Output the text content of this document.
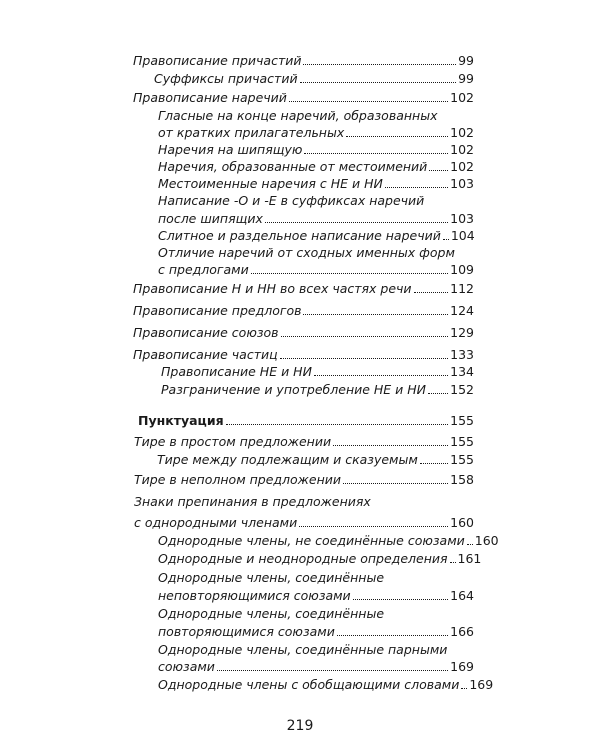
Правописание причастий	99
Суффиксы причастий	99
Правописание наречий	102
Гласные на конце наречий, образованных
от кратких прилагательных	102
Наречия на шипящую	102
Наречия, образованные от местоимений 102
Местоименные наречия с НЕ и НИ	103
Написание -О и -Е в суффиксах наречий
после шипящих	103
Слитное и раздельное написание наречий 104
Отличие наречий от сходных именных форм
с предлогами	109
Правописание Н и НН во всех частях речи	112
Правописание предлогов	124
Правописание союзов	129
Правописание частиц	133
Правописание НЕ и НИ	134
Разграничение и употребление НЕ и НИ 152
Пунктуация	155
Тире в простом предложении	155
Тире между подлежащим и сказуемым	155
Тире в неполном предложении	158
Знаки препинания в предложениях
с однородными членами	160
Однородные члены, не соединённые союзами 160
Однородные и неоднородные определения 161
Однородные члены, соединённые
неповторяющимися союзами	164
Однородные члены, соединённые
повторяющимися союзами	166
Однородные члены, соединённые парными
союзами	169
Однородные члены с обобщающими словами 169
219
